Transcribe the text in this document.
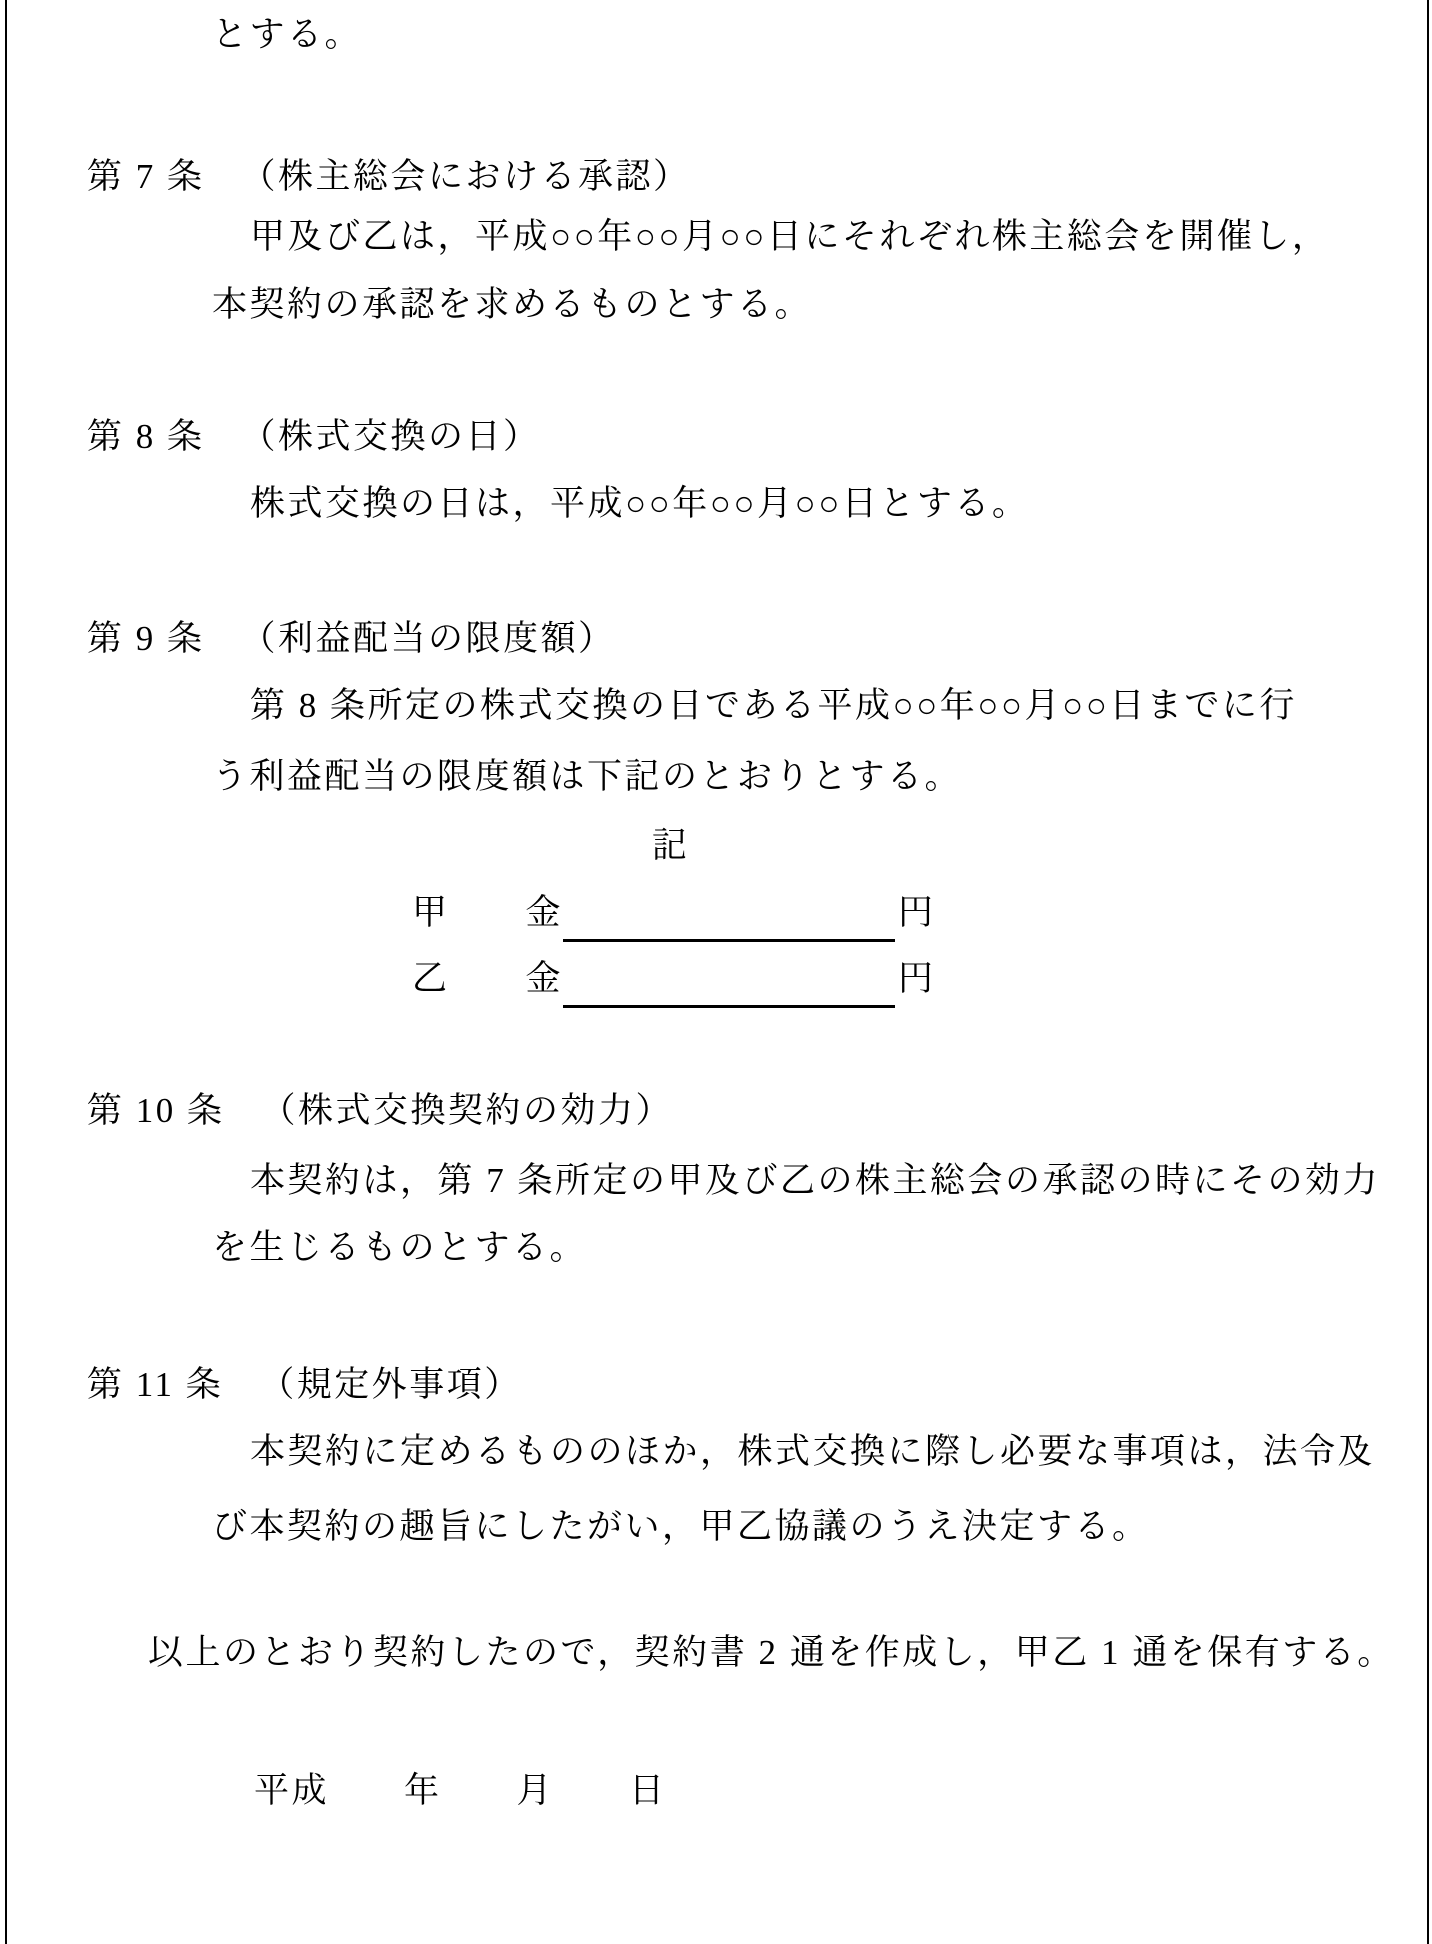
とする。
第 7 条 （株主総会における承認）
甲及び乙は，平成○○年○○月○○日にそれぞれ株主総会を開催し，
本契約の承認を求めるものとする。
第 8 条 （株式交換の日）
株式交換の日は，平成○○年○○月○○日とする。
第 9 条 （利益配当の限度額）
第 8 条所定の株式交換の日である平成○○年○○月○○日までに行
う利益配当の限度額は下記のとおりとする。
記
甲 金	円
乙 金	円
第 10 条 （株式交換契約の効力）
本契約は，第 7 条所定の甲及び乙の株主総会の承認の時にその効力
を生じるものとする。
第 11 条 （規定外事項）
本契約に定めるもののほか，株式交換に際し必要な事項は，法令及
び本契約の趣旨にしたがい，甲乙協議のうえ決定する。
以上のとおり契約したので，契約書 2 通を作成し，甲乙 1 通を保有する。
平成　　年　　月　　日
